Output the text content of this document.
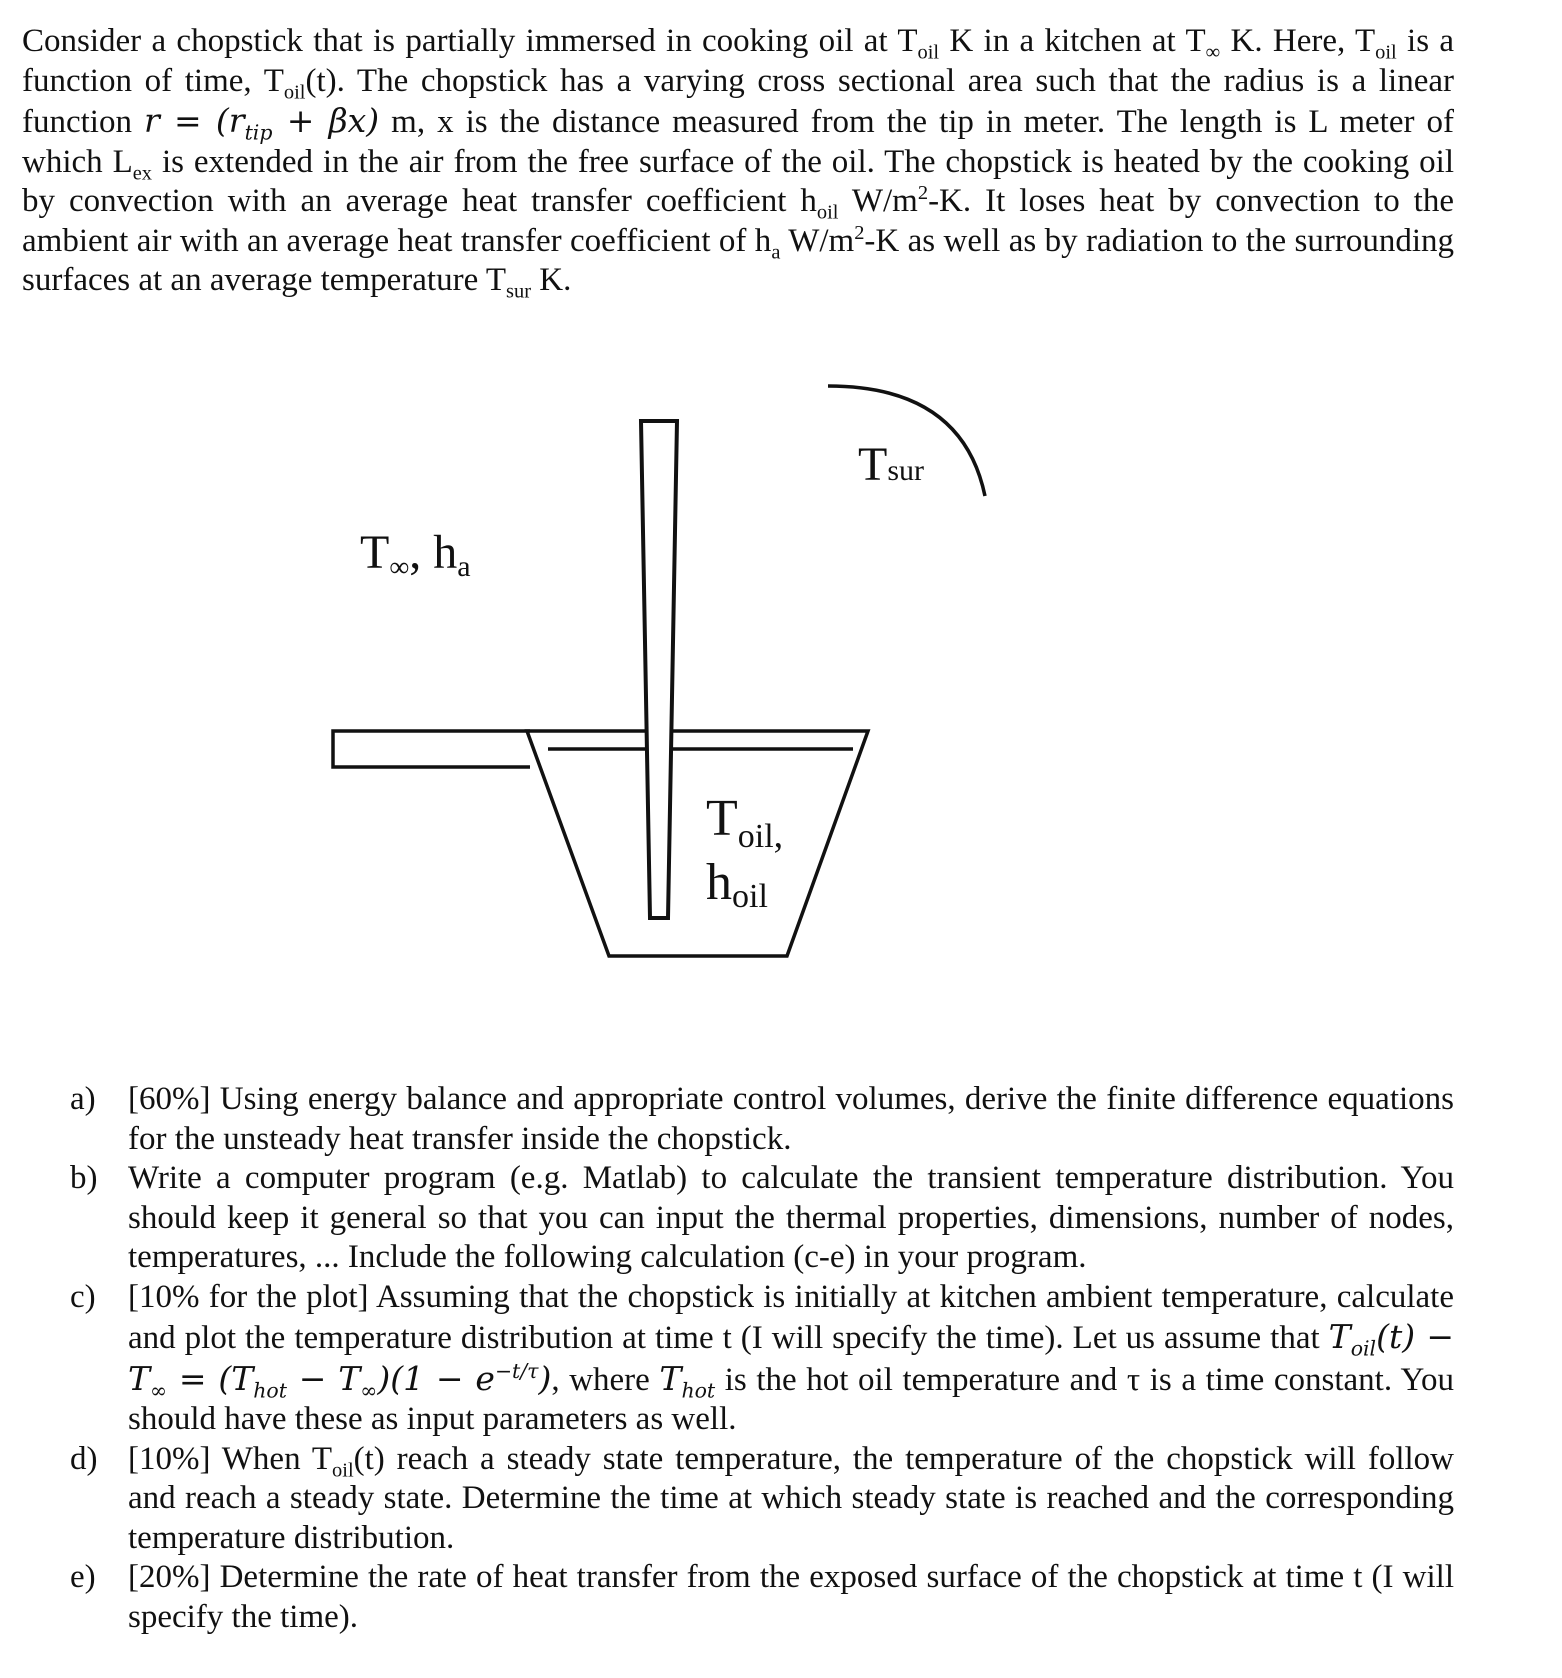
Consider a chopstick that is partially immersed in cooking oil at $T_{oil}$ K in a kitchen at $T_\infty$ K. Here, $T_{oil}$ is a function of time, $T_{oil}(t)$. The chopstick has a varying cross sectional area such that the radius is a linear function $r = (r_{tip} + \beta x)$ m, x is the distance measured from the tip in meter. The length is L meter of which $L_{ex}$ is extended in the air from the free surface of the oil. The chopstick is heated by the cooking oil by convection with an average heat transfer coefficient $h_{oil}$ $W/m^2-K$. It loses heat by convection to the ambient air with an average heat transfer coefficient of $h_a$ $W/m^2-K$ as well as by radiation to the surrounding surfaces at an average temperature $T_{sur}$ K.

Tsur
T∞, ha
Toil,
hoil
a) [60%] Using energy balance and appropriate control volumes, derive the finite difference equations for the unsteady heat transfer inside the chopstick.
b) Write a computer program (e.g. Matlab) to calculate the transient temperature distribution. You should keep it general so that you can input the thermal properties, dimensions, number of nodes, temperatures, ... Include the following calculation (c-e) in your program.
c) [10% for the plot] Assuming that the chopstick is initially at kitchen ambient temperature, calculate and plot the temperature distribution at time t (I will specify the time). Let us assume that $T_{oil}(t) - T_\infty = (T_{hot} - T_\infty)(1 - e^{-t/\tau})$, where $T_{hot}$ is the hot oil temperature and τ is a time constant. You should have these as input parameters as well.
d) [10%] When $T_{oil}(t)$ reach a steady state temperature, the temperature of the chopstick will follow and reach a steady state. Determine the time at which steady state is reached and the corresponding temperature distribution.
e) [20%] Determine the rate of heat transfer from the exposed surface of the chopstick at time t (I will specify the time).
